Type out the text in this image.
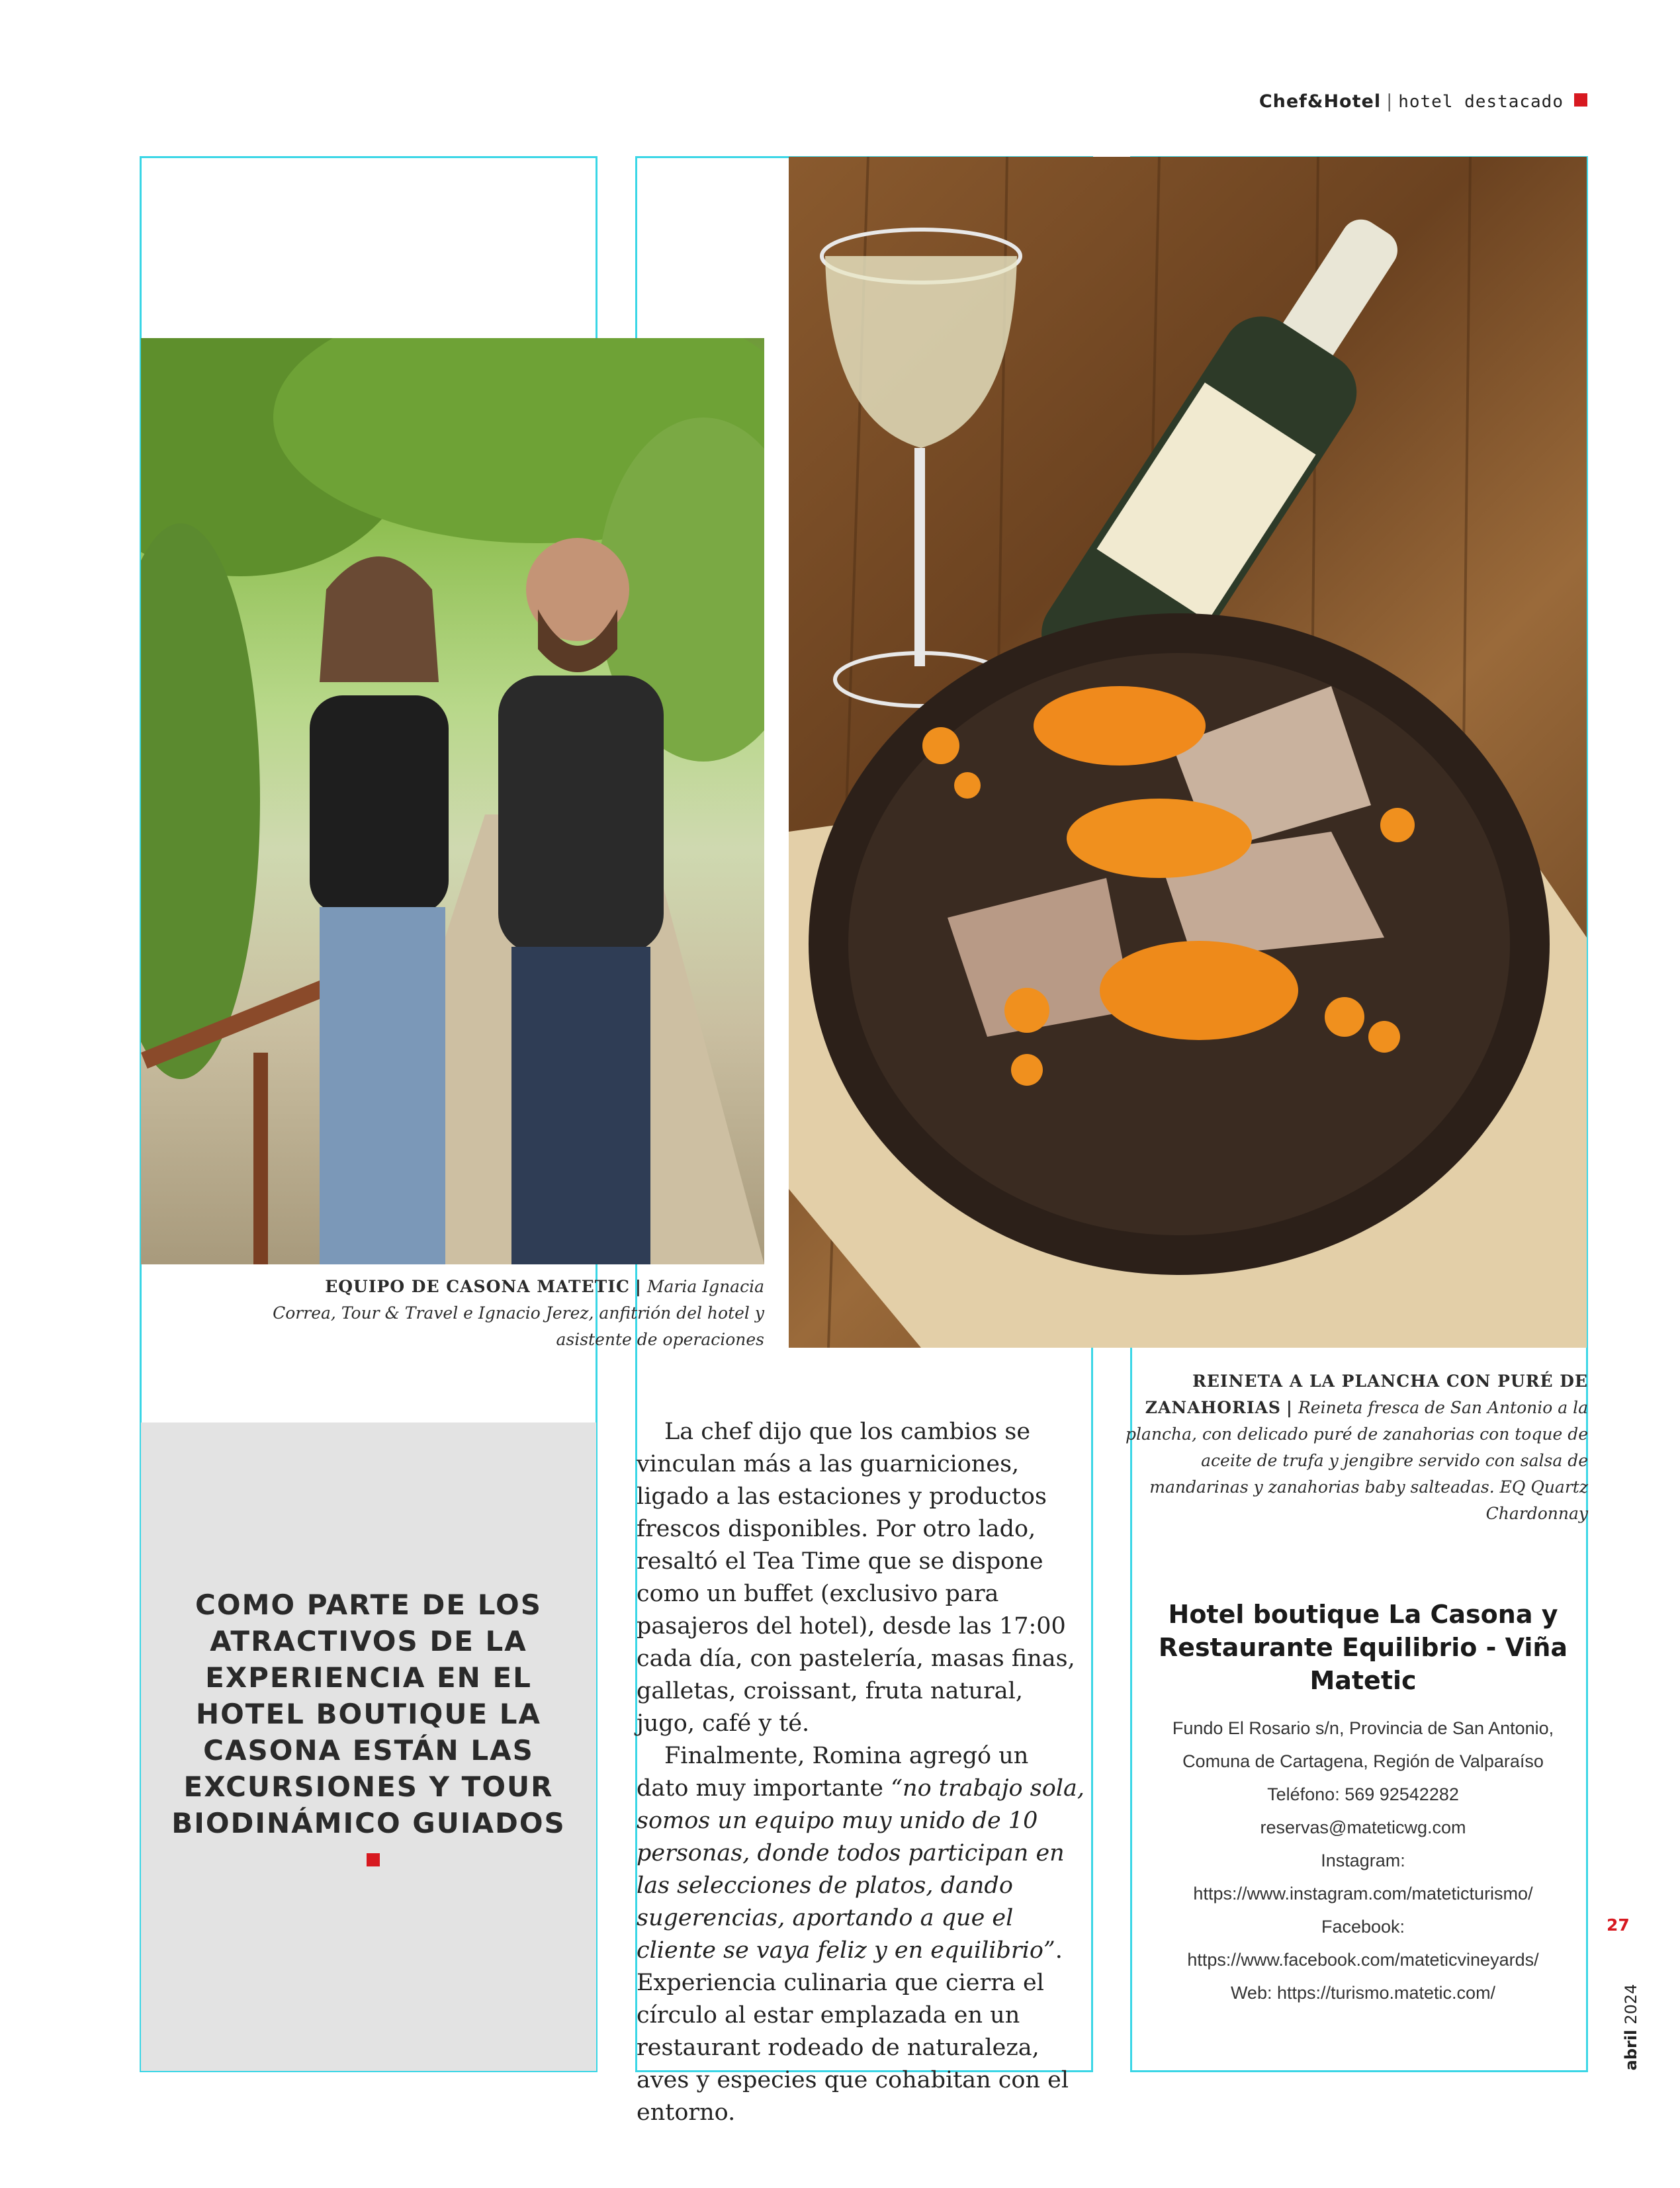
Chef&Hotel | hotel destacado
EQUIPO DE CASONA MATETIC | Maria Ignacia Correa, Tour & Travel e Ignacio Jerez, anfitrión del hotel y asistente de operaciones
REINETA A LA PLANCHA CON PURÉ DE ZANAHORIAS | Reineta fresca de San Antonio a la plancha, con delicado puré de zanahorias con toque de aceite de trufa y jengibre servido con salsa de mandarinas y zanahorias baby salteadas. EQ Quartz Chardonnay
COMO PARTE DE LOS ATRACTIVOS DE LA EXPERIENCIA EN EL HOTEL BOUTIQUE LA CASONA ESTÁN LAS EXCURSIONES Y TOUR BIODINÁMICO GUIADOS

La chef dijo que los cambios se vinculan más a las guarniciones, ligado a las estaciones y productos frescos disponibles. Por otro lado, resaltó el Tea Time que se dispone como un buffet (exclusivo para pasajeros del hotel), desde las 17:00 cada día, con pastelería, masas finas, galletas, croissant, fruta natural, jugo, café y té.

Finalmente, Romina agregó un dato muy importante “no trabajo sola, somos un equipo muy unido de 10 personas, donde todos participan en las selecciones de platos, dando sugerencias, aportando a que el cliente se vaya feliz y en equilibrio”. Experiencia culinaria que cierra el círculo al estar emplazada en un restaurant rodeado de naturaleza, aves y especies que cohabitan con el entorno.

Hotel boutique La Casona y Restaurante Equilibrio - Viña Matetic
Fundo El Rosario s/n, Provincia de San Antonio,
Comuna de Cartagena, Región de Valparaíso
Teléfono: 569 92542282
reservas@mateticwg.com
Instagram:
https://www.instagram.com/mateticturismo/
Facebook:
https://www.facebook.com/mateticvineyards/
Web: https://turismo.matetic.com/
27
abril2024
